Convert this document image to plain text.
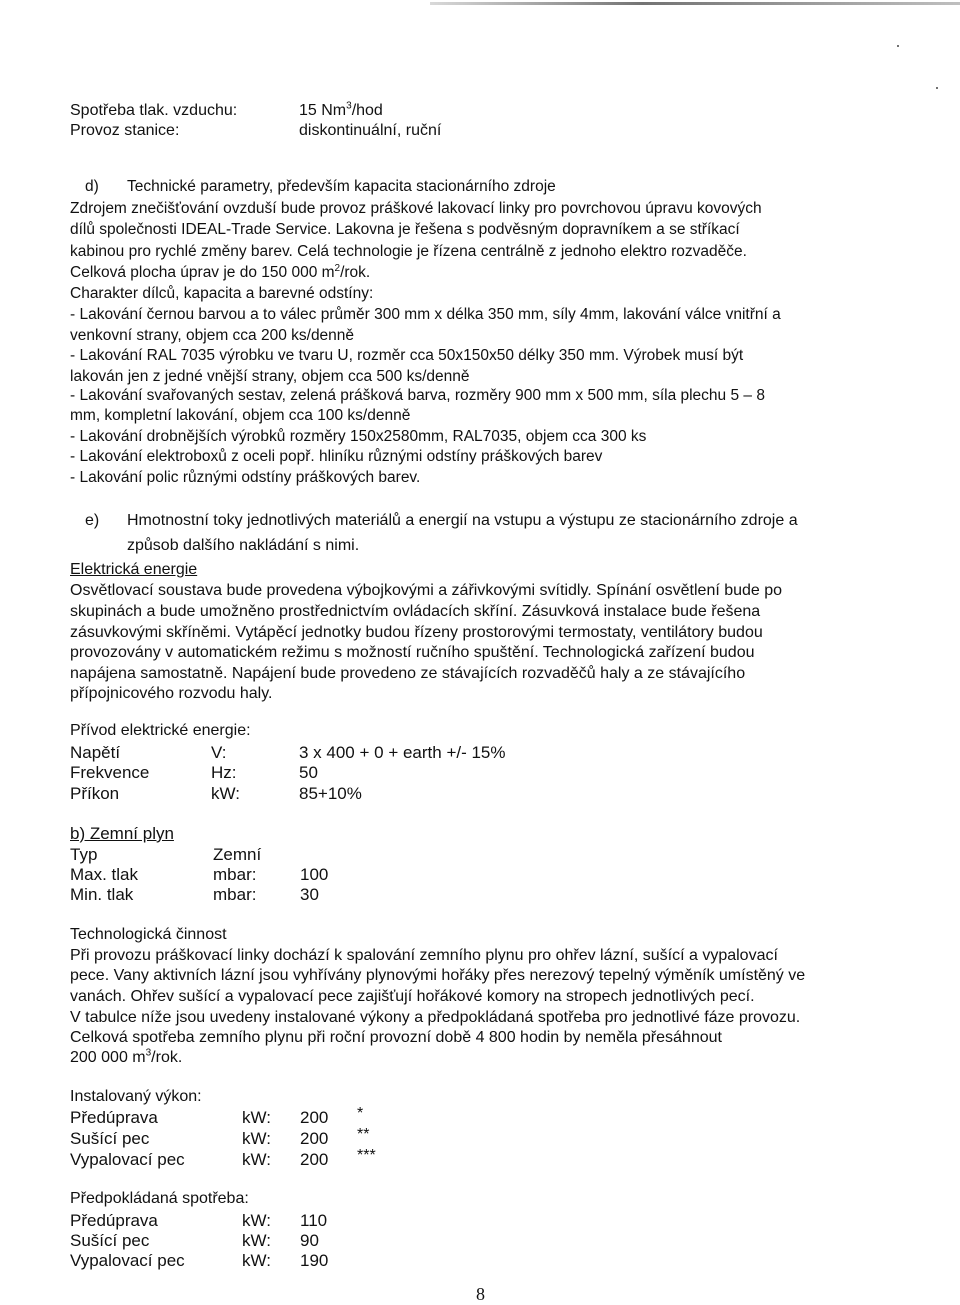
Spotřeba tlak. vzduchu:	15 Nm$^3$/hod
Provoz stanice:	diskontinuální, ruční
d) Technické parametry, především kapacita stacionárního zdroje
Zdrojem znečišťování ovzduší bude provoz práškové lakovací linky pro povrchovou úpravu kovových
dílů společnosti IDEAL-Trade Service. Lakovna je řešena s podvěsným dopravníkem a se stříkací
kabinou pro rychlé změny barev. Celá technologie je řízena centrálně z jednoho elektro rozvaděče.
Celková plocha úprav je do 150 000 $m^2$/rok.
Charakter dílců, kapacita a barevné odstíny:
- Lakování černou barvou a to válec průměr 300 mm x délka 350 mm, síly 4mm, lakování válce vnitřní a
venkovní strany, objem cca 200 ks/denně
- Lakování RAL 7035 výrobku ve tvaru U, rozměr cca 50x150x50 délky 350 mm. Výrobek musí být
lakován jen z jedné vnější strany, objem cca 500 ks/denně
- Lakování svařovaných sestav, zelená prášková barva, rozměry 900 mm x 500 mm, síla plechu 5 – 8
mm, kompletní lakování, objem cca 100 ks/denně
- Lakování drobnějších výrobků rozměry 150x2580mm, RAL7035, objem cca 300 ks
- Lakování elektroboxů z oceli popř. hliníku různými odstíny práškových barev
- Lakování polic různými odstíny práškových barev.
e) Hmotnostní toky jednotlivých materiálů a energií na vstupu a výstupu ze stacionárního zdroje a
způsob dalšího nakládání s nimi.
Elektrická energie
Osvětlovací soustava bude provedena výbojkovými a zářivkovými svítidly. Spínání osvětlení bude po
skupinách a bude umožněno prostřednictvím ovládacích skříní. Zásuvková instalace bude řešena
zásuvkovými skříněmi. Vytápěcí jednotky budou řízeny prostorovými termostaty, ventilátory budou
provozovány v automatickém režimu s možností ručního spuštění. Technologická zařízení budou
napájena samostatně. Napájení bude provedeno ze stávajících rozvaděčů haly a ze stávajícího
přípojnicového rozvodu haly.
Přívod elektrické energie:
Napětí	V:	3 x 400 + 0 + earth +/- 15%
Frekvence	Hz:	50
Příkon	kW:	85+10%
b) Zemní plyn
Typ	Zemní
Max. tlak	mbar:	100
Min. tlak	mbar:	30
Technologická činnost
Při provozu práškovací linky dochází k spalování zemního plynu pro ohřev lázní, sušící a vypalovací
pece. Vany aktivních lázní jsou vyhřívány plynovými hořáky přes nerezový tepelný výměník umístěný ve
vanách. Ohřev sušící a vypalovací pece zajišťují hořákové komory na stropech jednotlivých pecí.
V tabulce níže jsou uvedeny instalované výkony a předpokládaná spotřeba pro jednotlivé fáze provozu.
Celková spotřeba zemního plynu při roční provozní době 4 800 hodin by neměla přesáhnout
200 000 $m^3$/rok.
Instalovaný výkon:
Předúprava	kW: 200 *
Sušící pec	kW: 200 **
Vypalovací pec	kW: 200 ***
Předpokládaná spotřeba:
Předúprava	kW: 110
Sušící pec	kW: 90
Vypalovací pec	kW: 190
8
